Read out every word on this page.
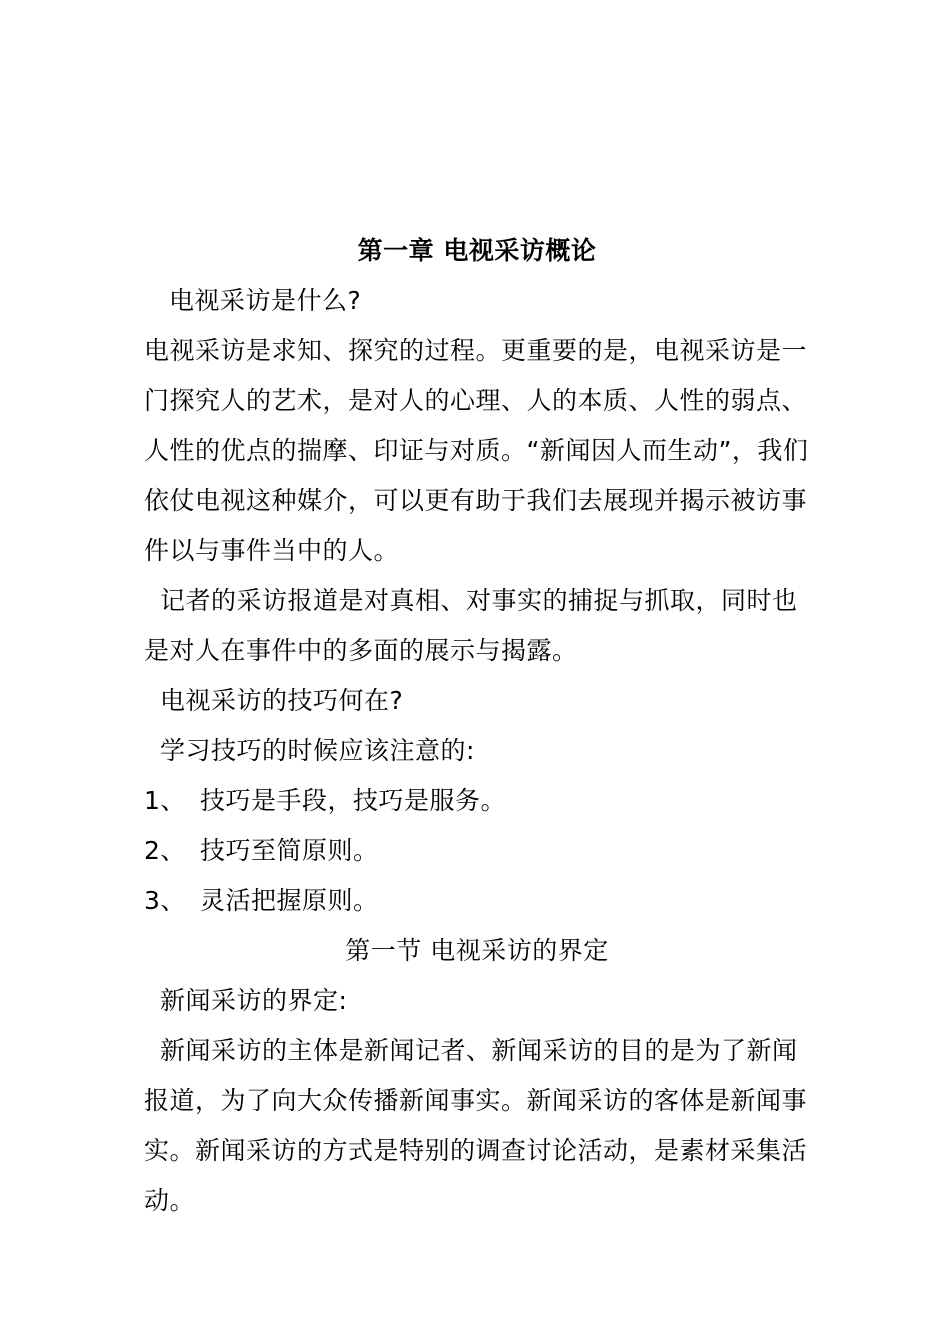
第一章 电视采访概论

电视采访是什么?

电视采访是求知、探究的过程。更重要的是，电视采访是一门探究人的艺术，是对人的心理、人的本质、人性的弱点、人性的优点的揣摩、印证与对质。“新闻因人而生动”，我们依仗电视这种媒介，可以更有助于我们去展现并揭示被访事件以与事件当中的人。

记者的采访报道是对真相、对事实的捕捉与抓取，同时也是对人在事件中的多面的展示与揭露。

电视采访的技巧何在?

学习技巧的时候应该注意的:

1、 技巧是手段，技巧是服务。
2、 技巧至简原则。
3、 灵活把握原则。
第一节 电视采访的界定

新闻采访的界定:

新闻采访的主体是新闻记者、新闻采访的目的是为了新闻报道，为了向大众传播新闻事实。新闻采访的客体是新闻事实。新闻采访的方式是特别的调查讨论活动，是素材采集活动。
